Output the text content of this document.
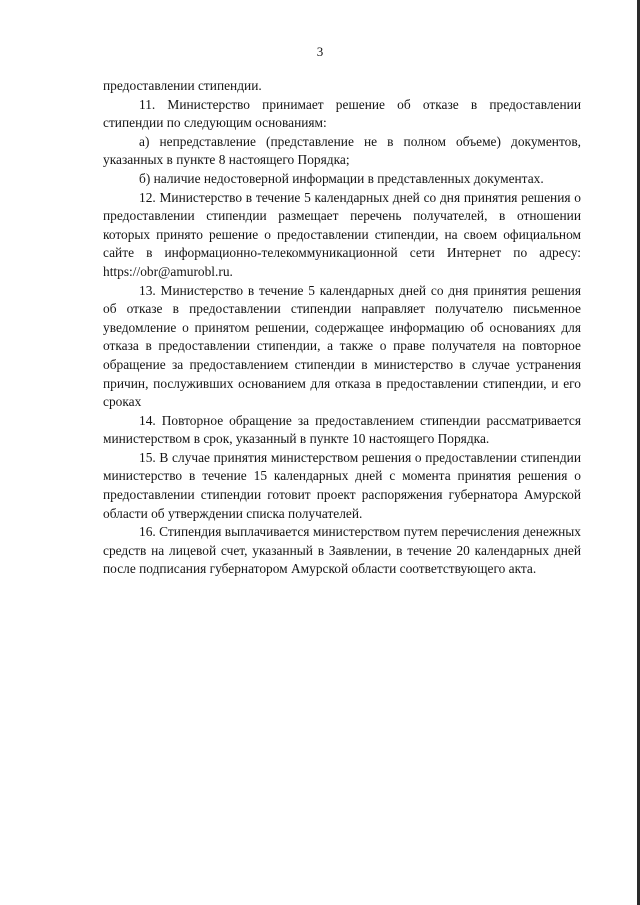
3

предоставлении стипендии.

11. Министерство принимает решение об отказе в предоставлении стипендии по следующим основаниям:

а) непредставление (представление не в полном объеме) документов, указанных в пункте 8 настоящего Порядка;

б) наличие недостоверной информации в представленных документах.

12. Министерство в течение 5 календарных дней со дня принятия решения о предоставлении стипендии размещает перечень получателей, в отношении которых принято решение о предоставлении стипендии, на своем официальном сайте в информационно-телекоммуникационной сети Интернет по адресу: https://obr@amurobl.ru.

13. Министерство в течение 5 календарных дней со дня принятия решения об отказе в предоставлении стипендии направляет получателю письменное уведомление о принятом решении, содержащее информацию об основаниях для отказа в предоставлении стипендии, а также о праве получателя на повторное обращение за предоставлением стипендии в министерство в случае устранения причин, послуживших основанием для отказа в предоставлении стипендии, и его сроках

14. Повторное обращение за предоставлением стипендии рассматривается министерством в срок, указанный в пункте 10 настоящего Порядка.

15. В случае принятия министерством решения о предоставлении стипендии министерство в течение 15 календарных дней с момента принятия решения о предоставлении стипендии готовит проект распоряжения губернатора Амурской области об утверждении списка получателей.

16. Стипендия выплачивается министерством путем перечисления денежных средств на лицевой счет, указанный в Заявлении, в течение 20 календарных дней после подписания губернатором Амурской области соответствующего акта.
